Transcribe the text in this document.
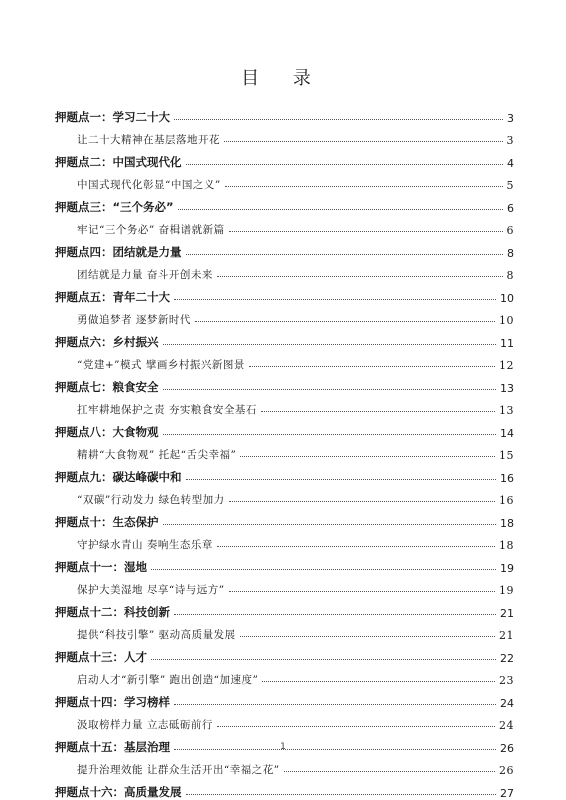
目 录
押题点一：学习二十大	3
让二十大精神在基层落地开花	3
押题点二：中国式现代化	4
中国式现代化彰显“中国之义”	5
押题点三：“三个务必”	6
牢记“三个务必” 奋楫谱就新篇	6
押题点四：团结就是力量	8
团结就是力量 奋斗开创未来	8
押题点五：青年二十大	10
勇做追梦者 逐梦新时代	10
押题点六：乡村振兴	11
“党建+”模式 擘画乡村振兴新图景	12
押题点七：粮食安全	13
扛牢耕地保护之责 夯实粮食安全基石	13
押题点八：大食物观	14
精耕“大食物观” 托起“舌尖幸福”	15
押题点九：碳达峰碳中和	16
“双碳”行动发力 绿色转型加力	16
押题点十：生态保护	18
守护绿水青山 奏响生态乐章	18
押题点十一：湿地	19
保护大美湿地 尽享“诗与远方”	19
押题点十二：科技创新	21
提供“科技引擎” 驱动高质量发展	21
押题点十三：人才	22
启动人才“新引擎” 跑出创造“加速度”	23
押题点十四：学习榜样	24
汲取榜样力量 立志砥砺前行	24
押题点十五：基层治理	26
提升治理效能 让群众生活开出“幸福之花”	26
押题点十六：高质量发展	27
1
